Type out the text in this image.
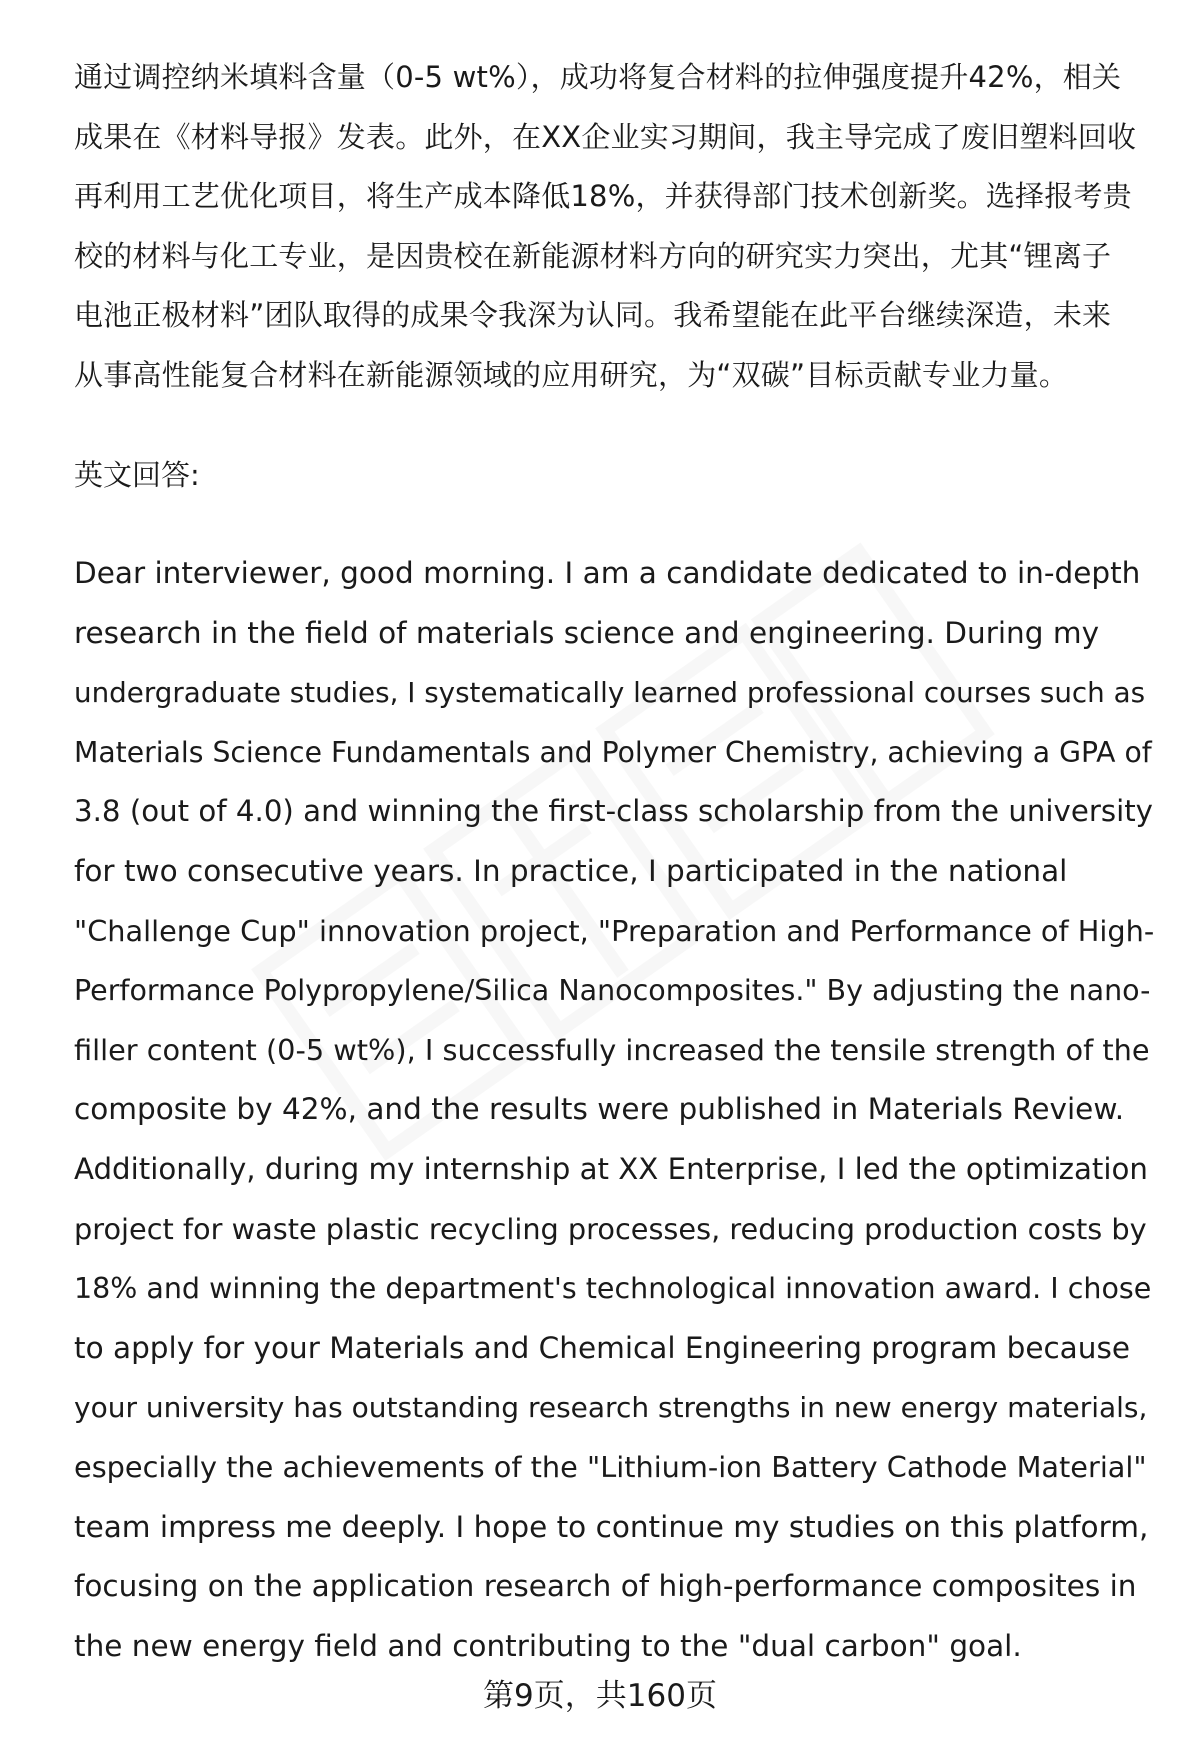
通过调控纳米填料含量（0-5 wt%），成功将复合材料的拉伸强度提升42%，相关
成果在《材料导报》发表。此外，在XX企业实习期间，我主导完成了废旧塑料回收
再利用工艺优化项目，将生产成本降低18%，并获得部门技术创新奖。选择报考贵
校的材料与化工专业，是因贵校在新能源材料方向的研究实力突出，尤其“锂离子
电池正极材料”团队取得的成果令我深为认同。我希望能在此平台继续深造，未来
从事高性能复合材料在新能源领域的应用研究，为“双碳”目标贡献专业力量。

英文回答:

Dear interviewer, good morning. I am a candidate dedicated to in-depth
research in the field of materials science and engineering. During my
undergraduate studies, I systematically learned professional courses such as
Materials Science Fundamentals and Polymer Chemistry, achieving a GPA of
3.8 (out of 4.0) and winning the first-class scholarship from the university
for two consecutive years. In practice, I participated in the national
"Challenge Cup" innovation project, "Preparation and Performance of High-
Performance Polypropylene/Silica Nanocomposites." By adjusting the nano-
filler content (0-5 wt%), I successfully increased the tensile strength of the
composite by 42%, and the results were published in Materials Review.
Additionally, during my internship at XX Enterprise, I led the optimization
project for waste plastic recycling processes, reducing production costs by
18% and winning the department's technological innovation award. I chose
to apply for your Materials and Chemical Engineering program because
your university has outstanding research strengths in new energy materials,
especially the achievements of the "Lithium-ion Battery Cathode Material"
team impress me deeply. I hope to continue my studies on this platform,
focusing on the application research of high-performance composites in
the new energy field and contributing to the "dual carbon" goal.
第9页，共160页
